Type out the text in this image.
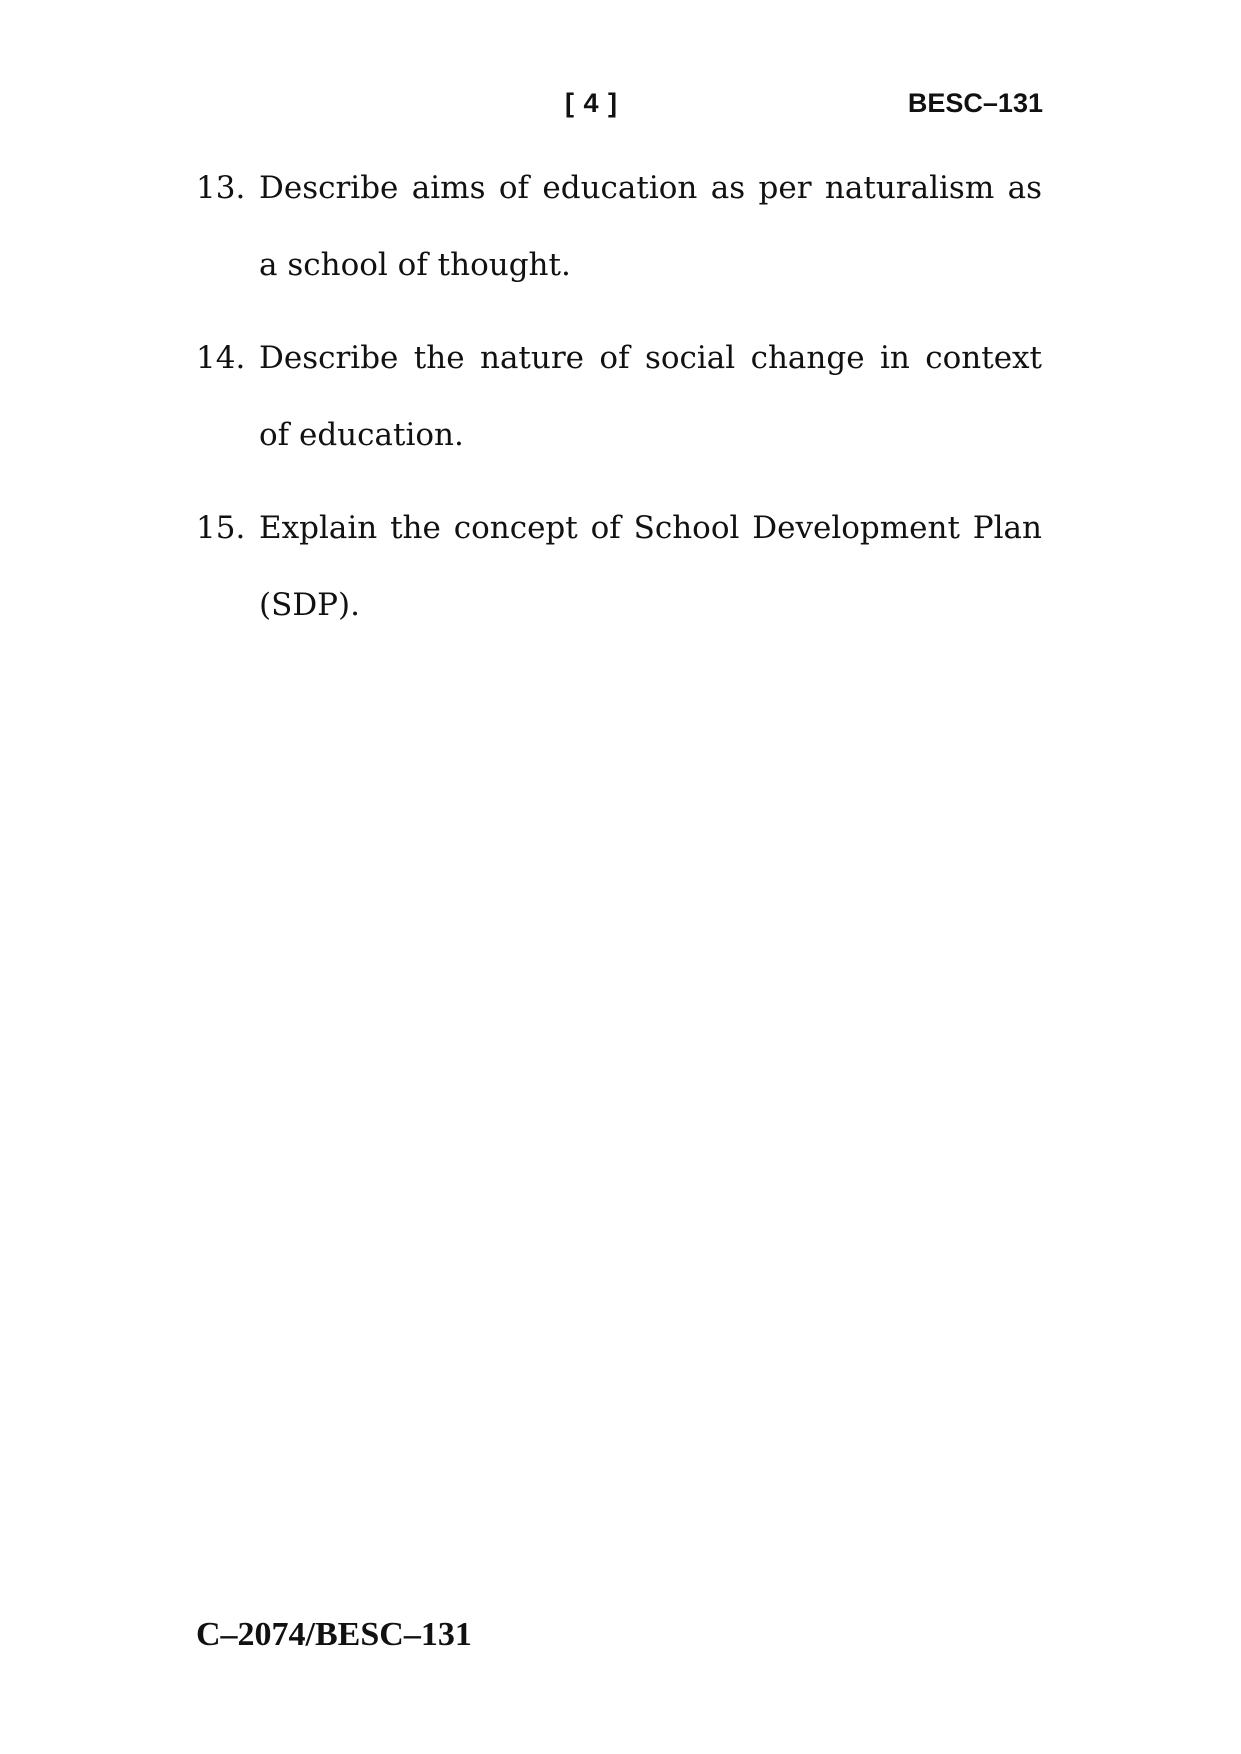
[ 4 ]	BESC–131
13. Describe aims of education as per naturalism as a school of thought.
14. Describe the nature of social change in context of education.
15. Explain the concept of School Development Plan (SDP).
C–2074/BESC–131
